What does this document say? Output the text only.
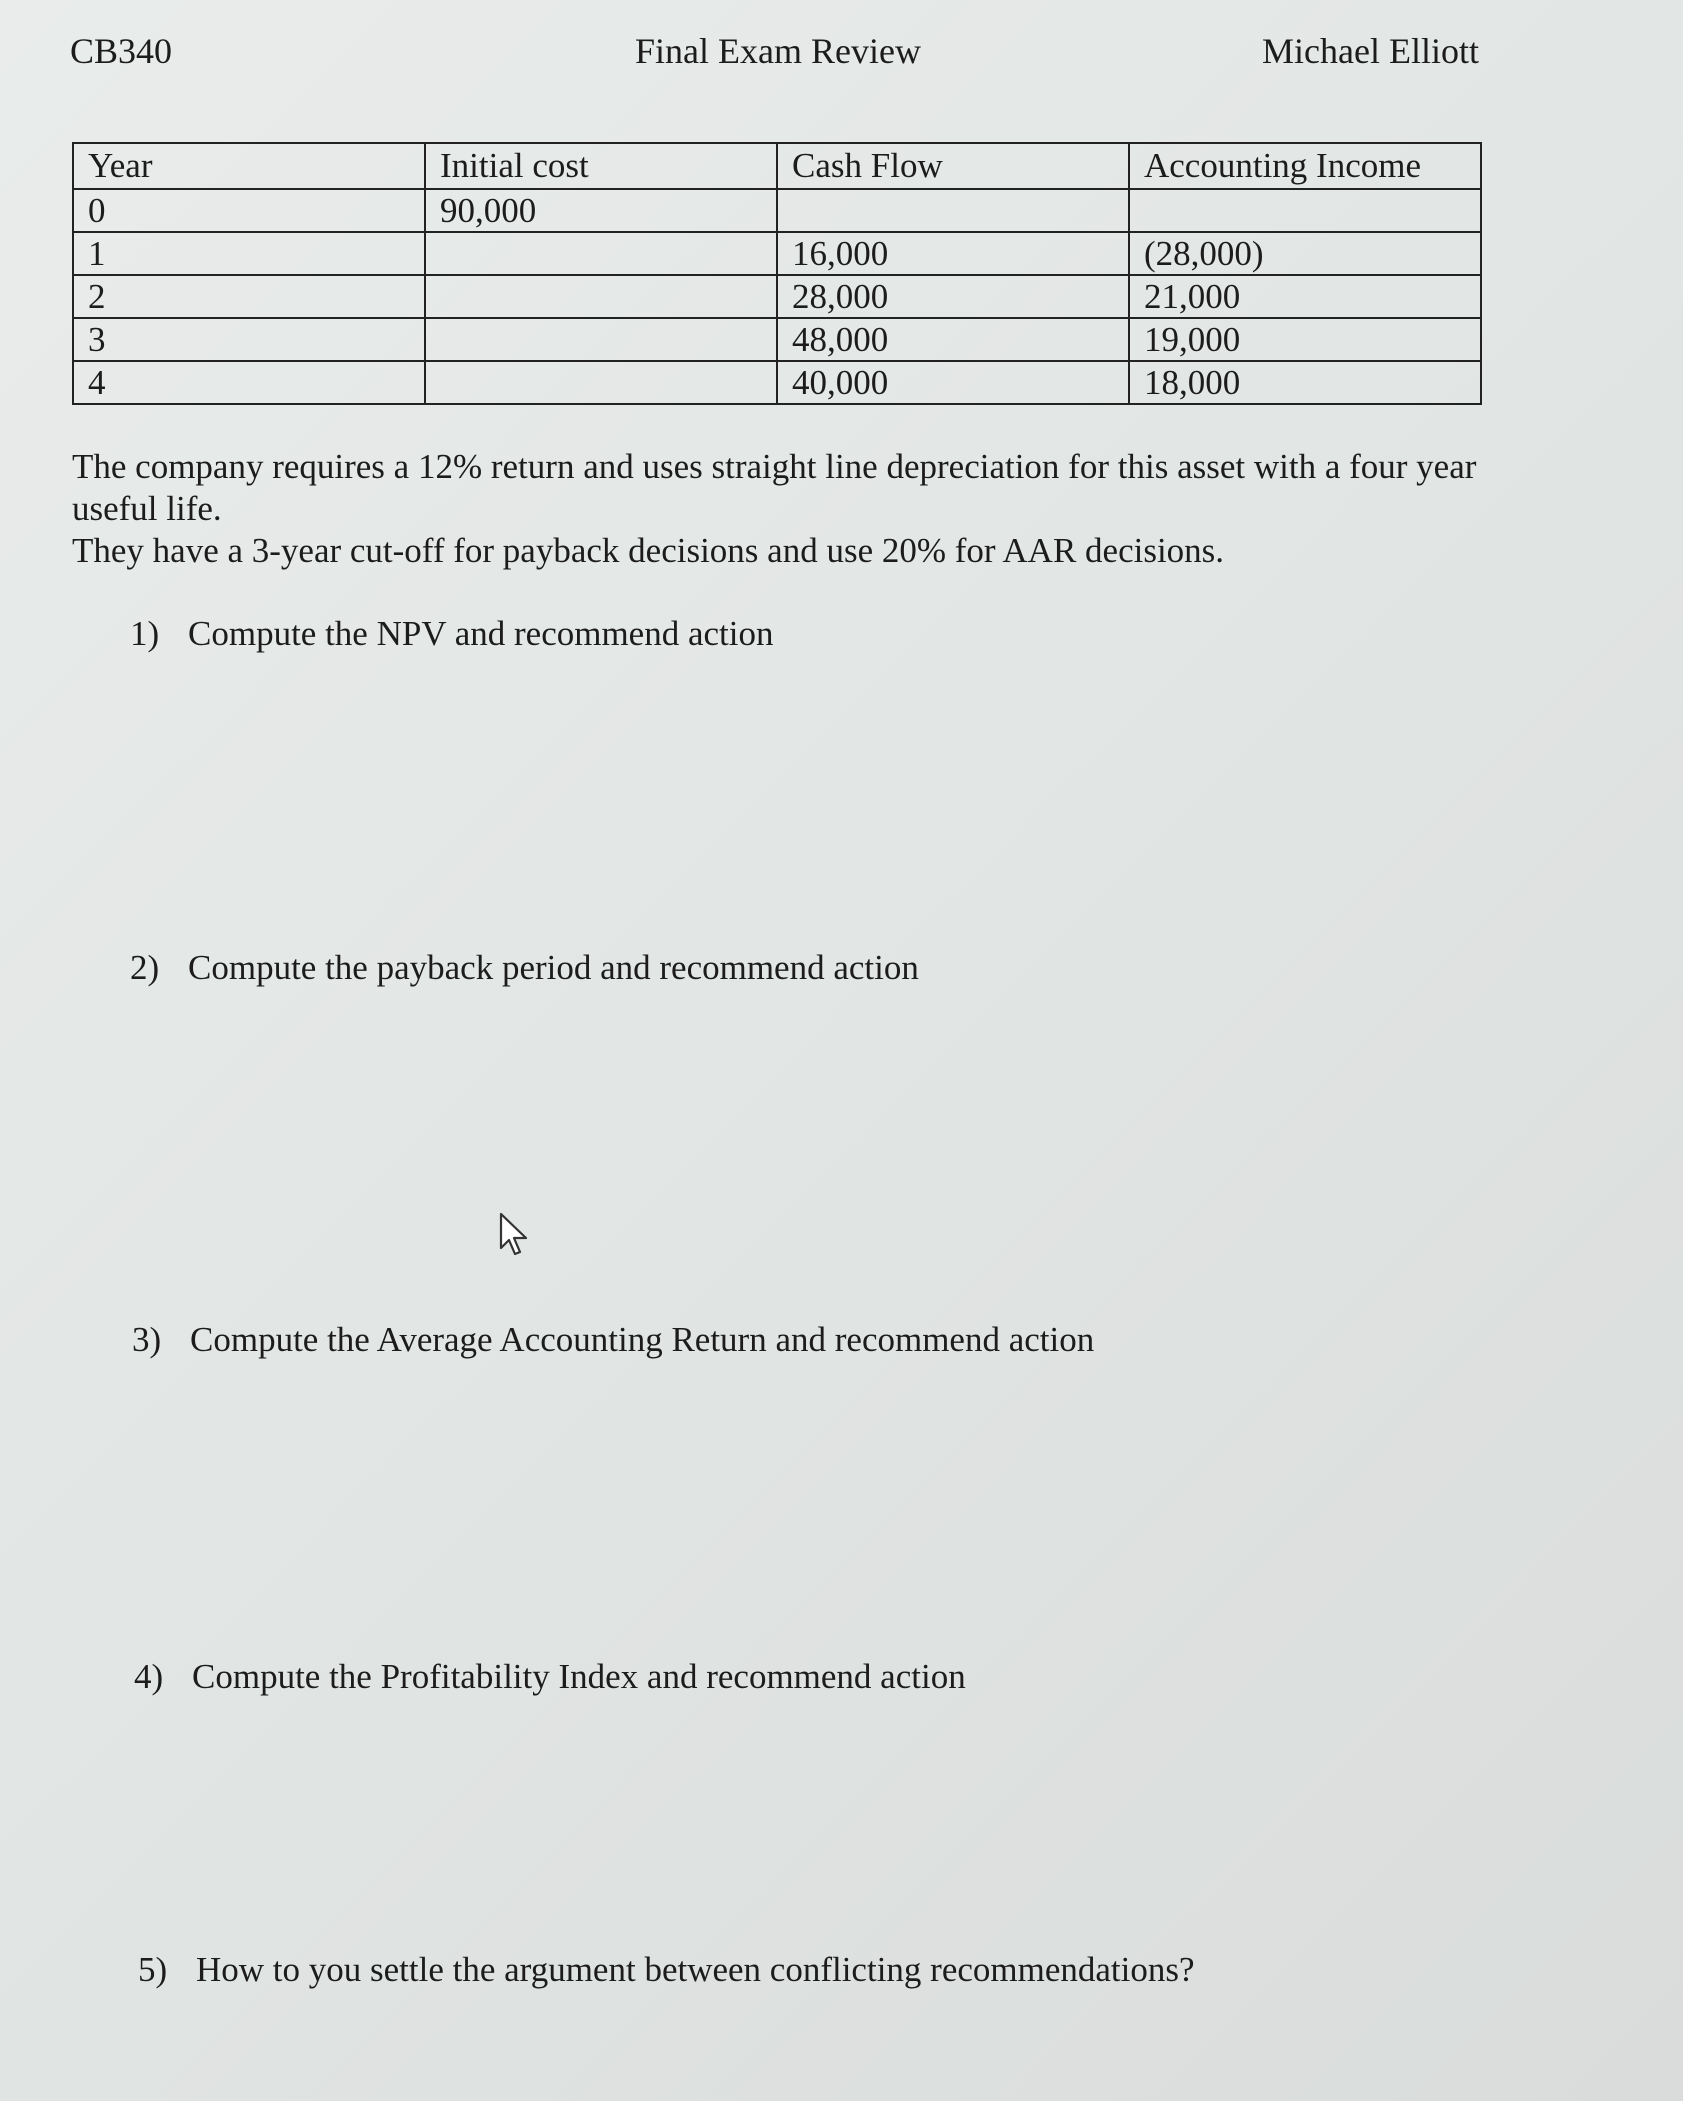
CB340	Final Exam Review	Michael Elliott
Year	Initial cost	Cash Flow	Accounting Income
0	90,000		
1		16,000	(28,000)
2		28,000	21,000
3		48,000	19,000
4		40,000	18,000

The company requires a 12% return and uses straight line depreciation for this asset with a four year useful life.

They have a 3-year cut-off for payback decisions and use 20% for AAR decisions.

1) Compute the NPV and recommend action
2) Compute the payback period and recommend action
3) Compute the Average Accounting Return and recommend action
4) Compute the Profitability Index and recommend action
5) How to you settle the argument between conflicting recommendations?
